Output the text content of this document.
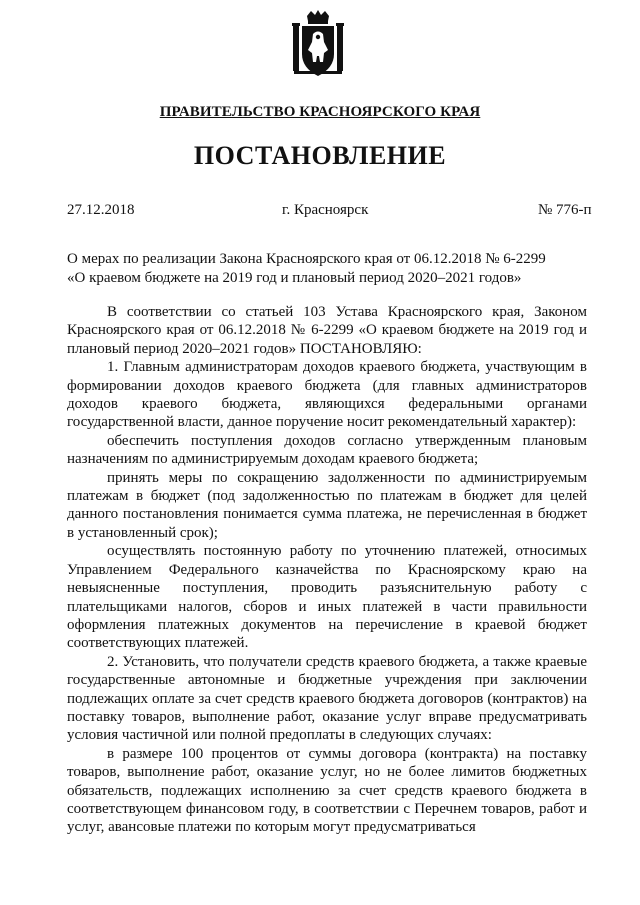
ПРАВИТЕЛЬСТВО КРАСНОЯРСКОГО КРАЯ
ПОСТАНОВЛЕНИЕ
27.12.2018	г. Красноярск	№ 776-п
О мерах по реализации Закона Красноярского края от 06.12.2018 № 6-2299
«О краевом бюджете на 2019 год и плановый период 2020–2021 годов»

В соответствии со статьей 103 Устава Красноярского края, Законом Красноярского края от 06.12.2018 № 6-2299 «О краевом бюджете на 2019 год и плановый период 2020–2021 годов» ПОСТАНОВЛЯЮ:

1. Главным администраторам доходов краевого бюджета, участвующим в формировании доходов краевого бюджета (для главных администраторов доходов краевого бюджета, являющихся федеральными органами государственной власти, данное поручение носит рекомендательный характер):

обеспечить поступления доходов согласно утвержденным плановым назначениям по администрируемым доходам краевого бюджета;

принять меры по сокращению задолженности по администрируемым платежам в бюджет (под задолженностью по платежам в бюджет для целей данного постановления понимается сумма платежа, не перечисленная в бюджет в установленный срок);

осуществлять постоянную работу по уточнению платежей, относимых Управлением Федерального казначейства по Красноярскому краю на невыясненные поступления, проводить разъяснительную работу с плательщиками налогов, сборов и иных платежей в части правильности оформления платежных документов на перечисление в краевой бюджет соответствующих платежей.

2. Установить, что получатели средств краевого бюджета, а также краевые государственные автономные и бюджетные учреждения при заключении подлежащих оплате за счет средств краевого бюджета договоров (контрактов) на поставку товаров, выполнение работ, оказание услуг вправе предусматривать условия частичной или полной предоплаты в следующих случаях:

в размере 100 процентов от суммы договора (контракта) на поставку товаров, выполнение работ, оказание услуг, но не более лимитов бюджетных обязательств, подлежащих исполнению за счет средств краевого бюджета в соответствующем финансовом году, в соответствии с Перечнем товаров, работ и услуг, авансовые платежи по которым могут предусматриваться
